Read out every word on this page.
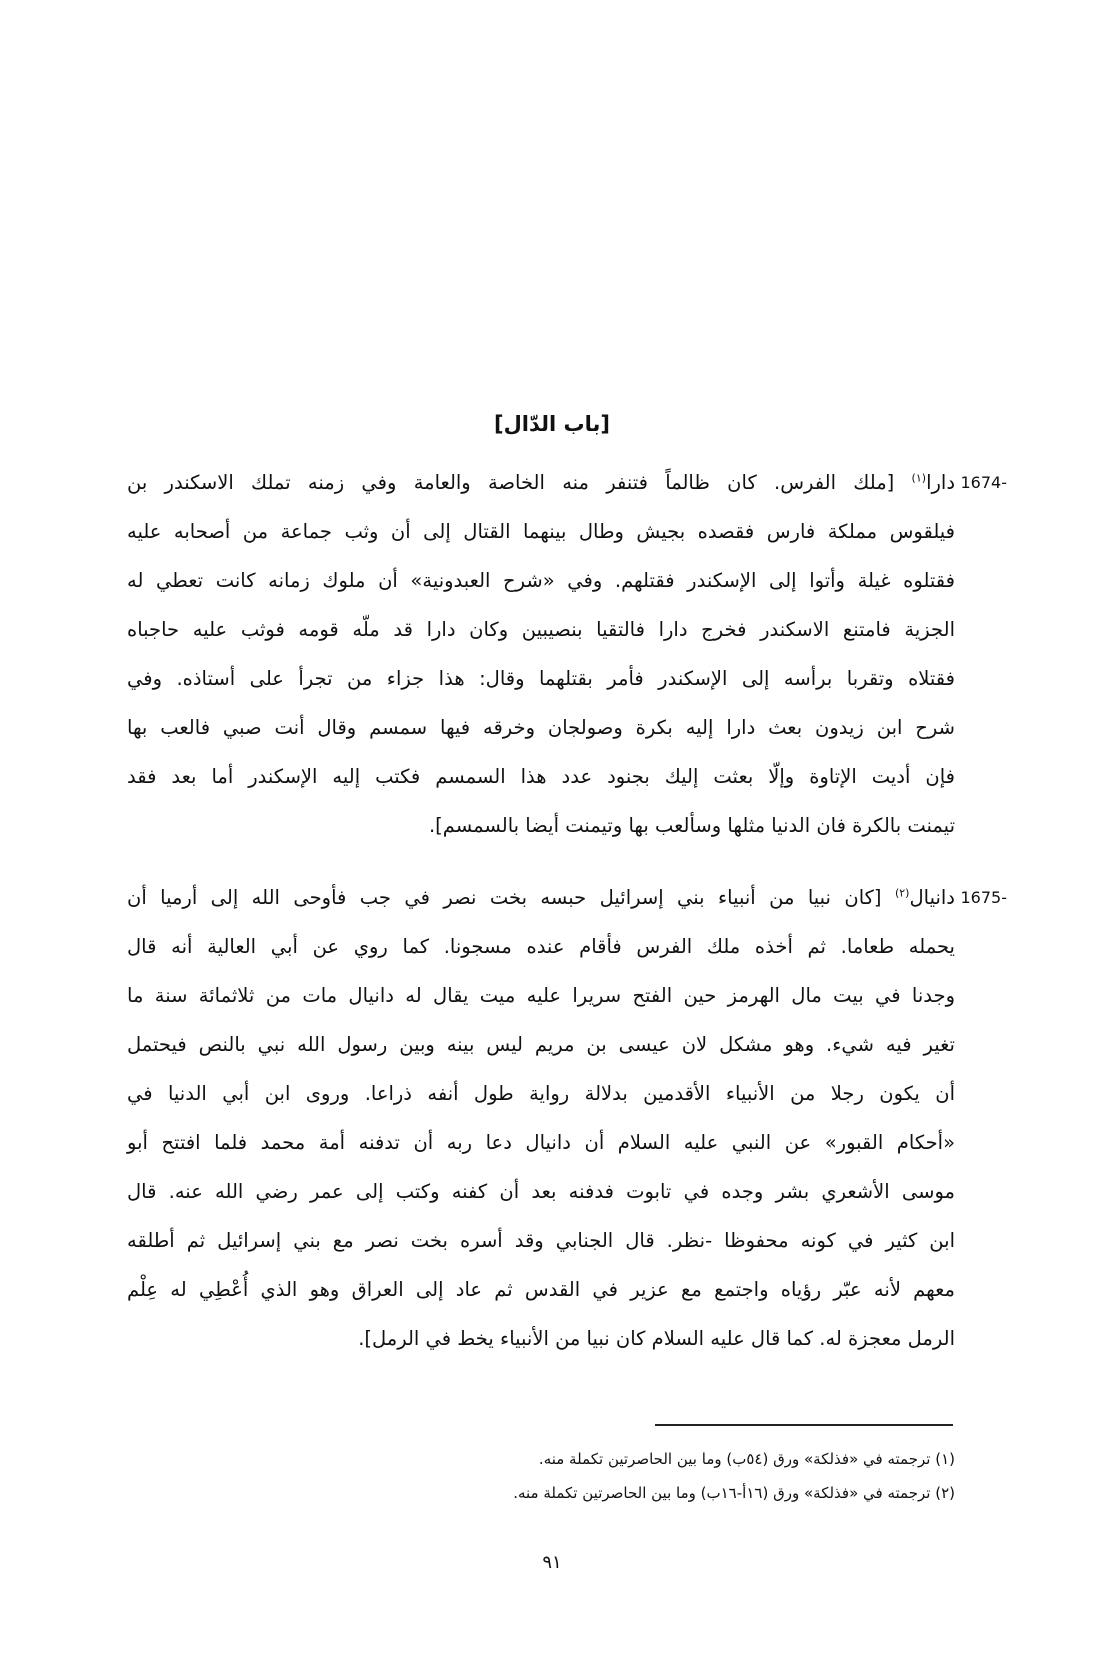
[باب الدّال]
1674-
دارا$^{(١)}$ [ملك الفرس. كان ظالماً فتنفر منه الخاصة والعامة وفي زمنه تملك الاسكندر بن
فيلقوس مملكة فارس فقصده بجيش وطال بينهما القتال إلى أن وثب جماعة من أصحابه عليه
فقتلوه غيلة وأتوا إلى الإسكندر فقتلهم. وفي «شرح العبدونية» أن ملوك زمانه كانت تعطي له
الجزية فامتنع الاسكندر فخرج دارا فالتقيا بنصيبين وكان دارا قد ملّه قومه فوثب عليه حاجباه
فقتلاه وتقربا برأسه إلى الإسكندر فأمر بقتلهما وقال: هذا جزاء من تجرأ على أستاذه. وفي
شرح ابن زيدون بعث دارا إليه بكرة وصولجان وخرقه فيها سمسم وقال أنت صبي فالعب بها
فإن أديت الإتاوة وإلّا بعثت إليك بجنود عدد هذا السمسم فكتب إليه الإسكندر أما بعد فقد
تيمنت بالكرة فان الدنيا مثلها وسألعب بها وتيمنت أيضا بالسمسم].
1675-
دانيال$^{(٢)}$ [كان نبيا من أنبياء بني إسرائيل حبسه بخت نصر في جب فأوحى الله إلى أرميا أن
يحمله طعاما. ثم أخذه ملك الفرس فأقام عنده مسجونا. كما روي عن أبي العالية أنه قال
وجدنا في بيت مال الهرمز حين الفتح سريرا عليه ميت يقال له دانيال مات من ثلاثمائة سنة ما
تغير فيه شيء. وهو مشكل لان عيسى بن مريم ليس بينه وبين رسول الله نبي بالنص فيحتمل
أن يكون رجلا من الأنبياء الأقدمين بدلالة رواية طول أنفه ذراعا. وروى ابن أبي الدنيا في
«أحكام القبور» عن النبي عليه السلام أن دانيال دعا ربه أن تدفنه أمة محمد فلما افتتح أبو
موسى الأشعري بشر وجده في تابوت فدفنه بعد أن كفنه وكتب إلى عمر رضي الله عنه. قال
ابن كثير في كونه محفوظا -نظر. قال الجنابي وقد أسره بخت نصر مع بني إسرائيل ثم أطلقه
معهم لأنه عبّر رؤياه واجتمع مع عزير في القدس ثم عاد إلى العراق وهو الذي أُعْطِي له عِلْم
الرمل معجزة له. كما قال عليه السلام كان نبيا من الأنبياء يخط في الرمل].
(١) ترجمته في «فذلكة» ورق (٥٤ب) وما بين الحاصرتين تكملة منه.
(٢) ترجمته في «فذلكة» ورق (١٦أ-١٦ب) وما بين الحاصرتين تكملة منه.
٩١
